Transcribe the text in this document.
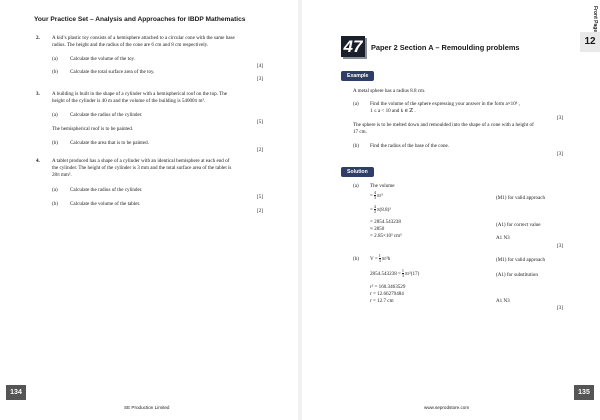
Your Practice Set – Analysis and Approaches for IBDP Mathematics
2. A kid’s plastic toy consists of a hemisphere attached to a circular cone with the same base
radius. The height and the radius of the cone are 6 cm and 8 cm respectively.
(a) Calculate the volume of the toy.
[4]
(b) Calculate the total surface area of the toy.
[3]
3. A building is built in the shape of a cylinder with a hemispherical roof on the top. The
height of the cylinder is 40 m and the volume of the building is 54000π m³.
(a) Calculate the radius of the cylinder.
[5]
The hemispherical roof is to be painted.
(b) Calculate the area that is to be painted.
[2]
4. A tablet produced has a shape of a cylinder with an identical hemisphere at each end of
the cylinder. The height of the cylinder is 3 mm and the total surface area of the tablet is
28π mm².
(a) Calculate the radius of the cylinder.
[5]
(b) Calculate the volume of the tablet.
[2]
134
SE Production Limited
Front Page
12
47	Paper 2 Section A – Remoulding problems
Example
A metal sphere has a radius 8.8 cm.
(a) Find the volume of the sphere expressing your answer in the form a×10ᵏ ,
1 ≤ a < 10 and k ∈ ℤ .
[3]
The sphere is to be melted down and remoulded into the shape of a cone with a height of
17 cm.
(b) Find the radius of the base of the cone.
[3]
Solution
(a) The volume
= $\frac{4}{3} \pi r^3$	(M1) for valid approach
= $\frac{4}{3} \pi(8.8)^3$
= 2854.543238	(A1) for correct value
≈ 2850
= 2.85×10³ cm³	A1 N3
[3]
(b) $V = \frac{1}{3} \pi r^2h$	(M1) for valid approach
$2854.543238 = \frac{1}{3} \pi r^2(17)$	(A1) for substitution
r² = 160.3463529
r = 12.66279484
r = 12.7 cm	A1 N3
[3]
135
www.seprodstore.com
